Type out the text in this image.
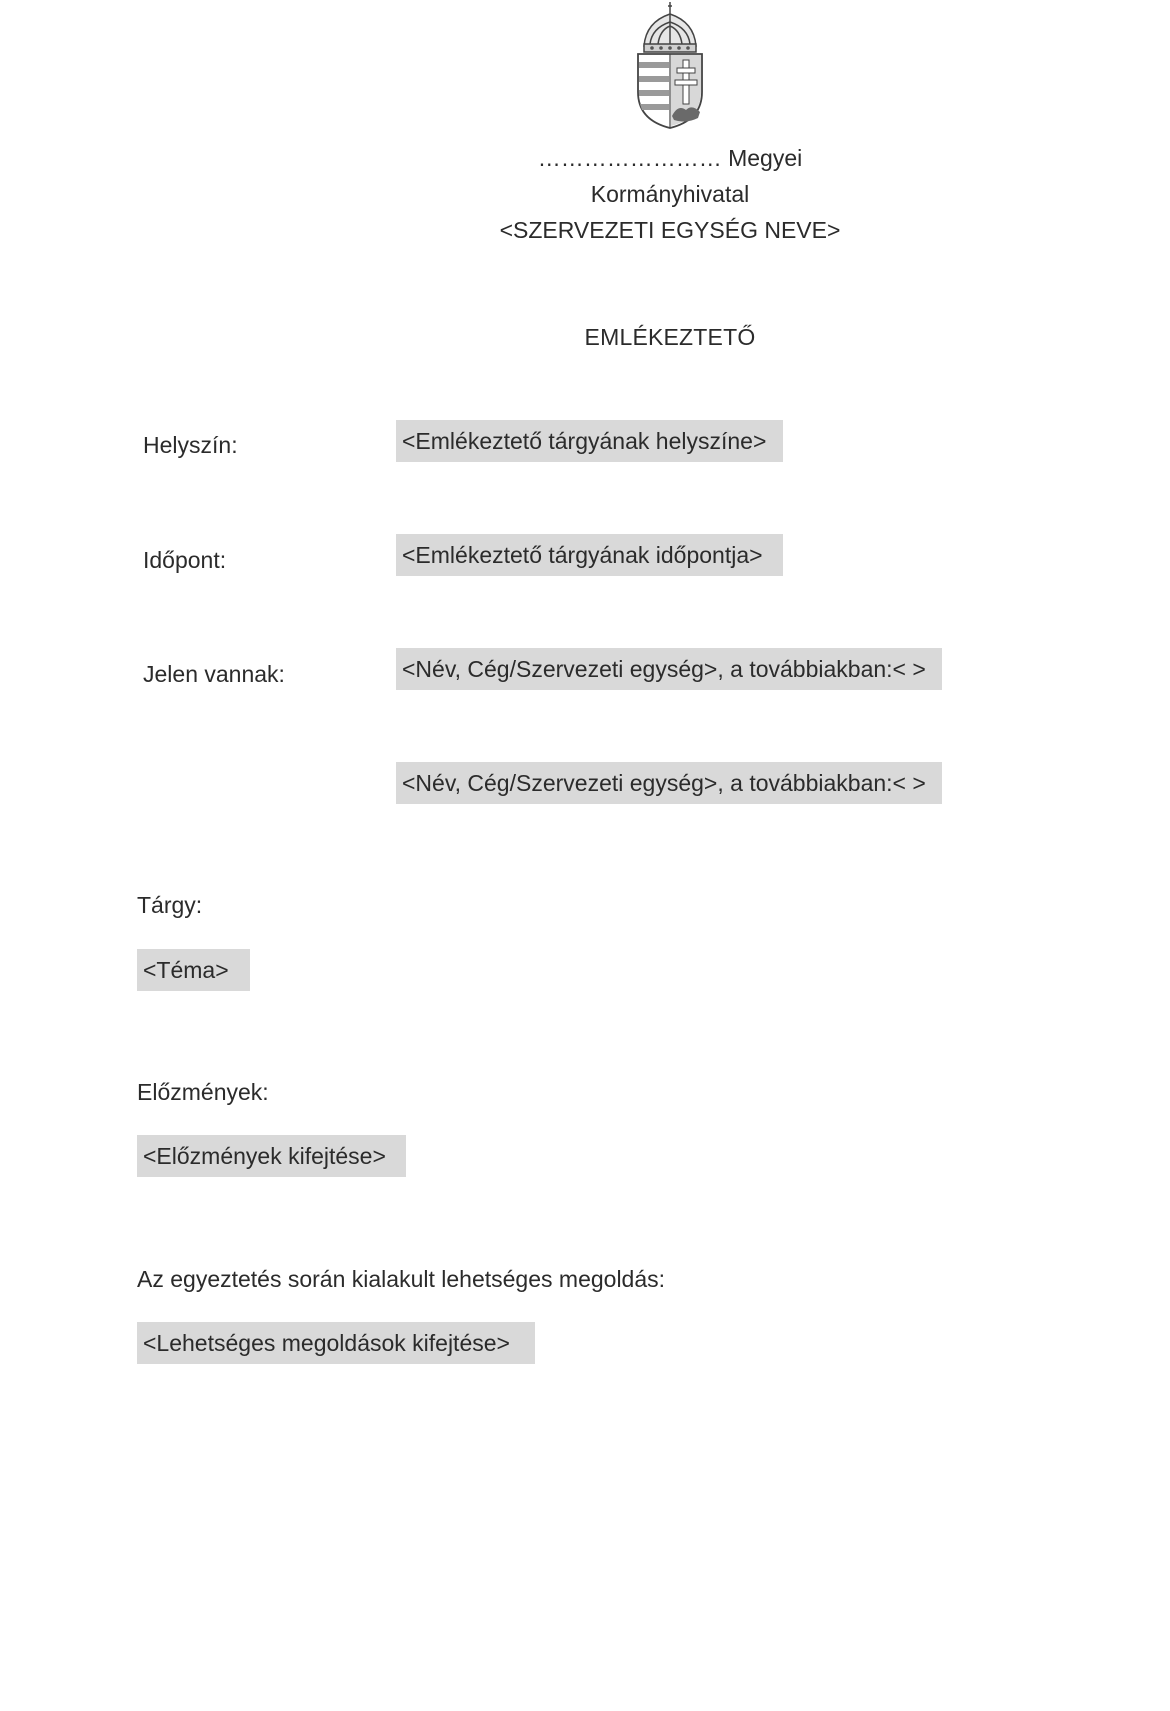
…………………… Megyei
Kormányhivatal
<SZERVEZETI EGYSÉG NEVE>
EMLÉKEZTETŐ
Helyszín:	<Emlékeztető tárgyának helyszíne>
Időpont:	<Emlékeztető tárgyának időpontja>
Jelen vannak:	<Név, Cég/Szervezeti egység>, a továbbiakban:< >
<Név, Cég/Szervezeti egység>, a továbbiakban:< >
Tárgy:
<Téma>
Előzmények:
<Előzmények kifejtése>
Az egyeztetés során kialakult lehetséges megoldás:
<Lehetséges megoldások kifejtése>
